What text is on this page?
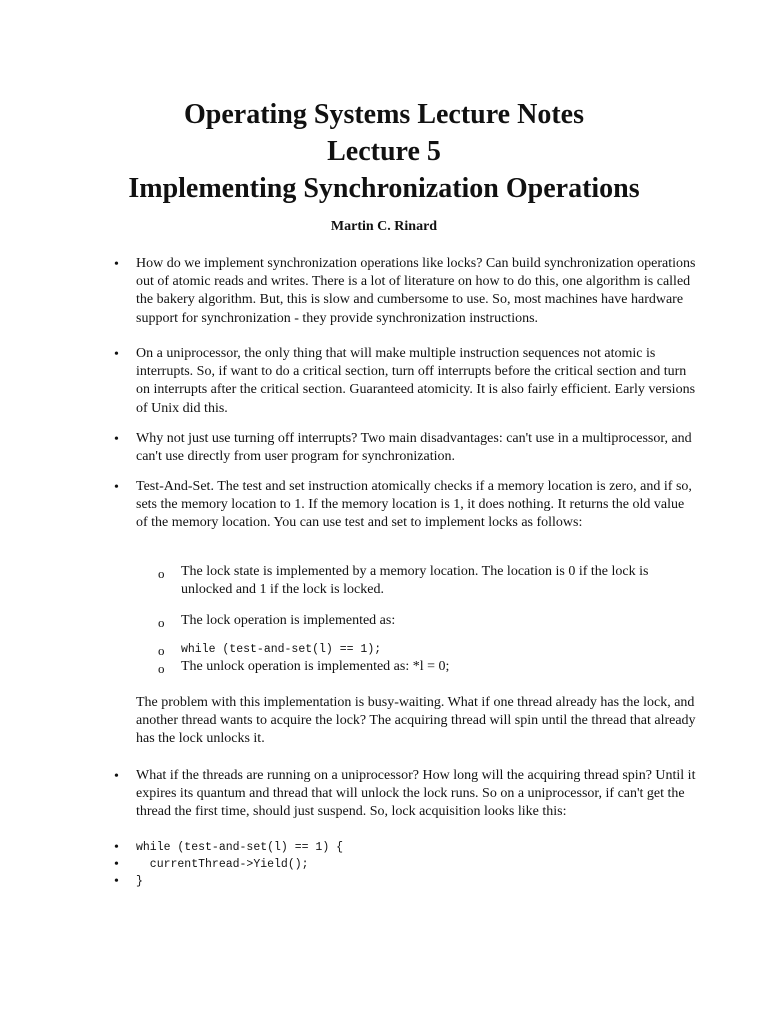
Operating Systems Lecture Notes
Lecture 5
Implementing Synchronization Operations
Martin C. Rinard
• How do we implement synchronization operations like locks? Can build synchronization operations out of atomic reads and writes. There is a lot of literature on how to do this, one algorithm is called the bakery algorithm. But, this is slow and cumbersome to use. So, most machines have hardware support for synchronization - they provide synchronization instructions.
• On a uniprocessor, the only thing that will make multiple instruction sequences not atomic is interrupts. So, if want to do a critical section, turn off interrupts before the critical section and turn on interrupts after the critical section. Guaranteed atomicity. It is also fairly efficient. Early versions of Unix did this.
• Why not just use turning off interrupts? Two main disadvantages: can't use in a multiprocessor, and can't use directly from user program for synchronization.
• Test-And-Set. The test and set instruction atomically checks if a memory location is zero, and if so, sets the memory location to 1. If the memory location is 1, it does nothing. It returns the old value of the memory location. You can use test and set to implement locks as follows:
o The lock state is implemented by a memory location. The location is 0 if the lock is unlocked and 1 if the lock is locked.
o The lock operation is implemented as:
o while (test-and-set(l) == 1);
o The unlock operation is implemented as: *l = 0;
The problem with this implementation is busy-waiting. What if one thread already has the lock, and another thread wants to acquire the lock? The acquiring thread will spin until the thread that already has the lock unlocks it.
• What if the threads are running on a uniprocessor? How long will the acquiring thread spin? Until it expires its quantum and thread that will unlock the lock runs. So on a uniprocessor, if can't get the thread the first time, should just suspend. So, lock acquisition looks like this:
• while (test-and-set(l) == 1) {
• currentThread->Yield();
• }
